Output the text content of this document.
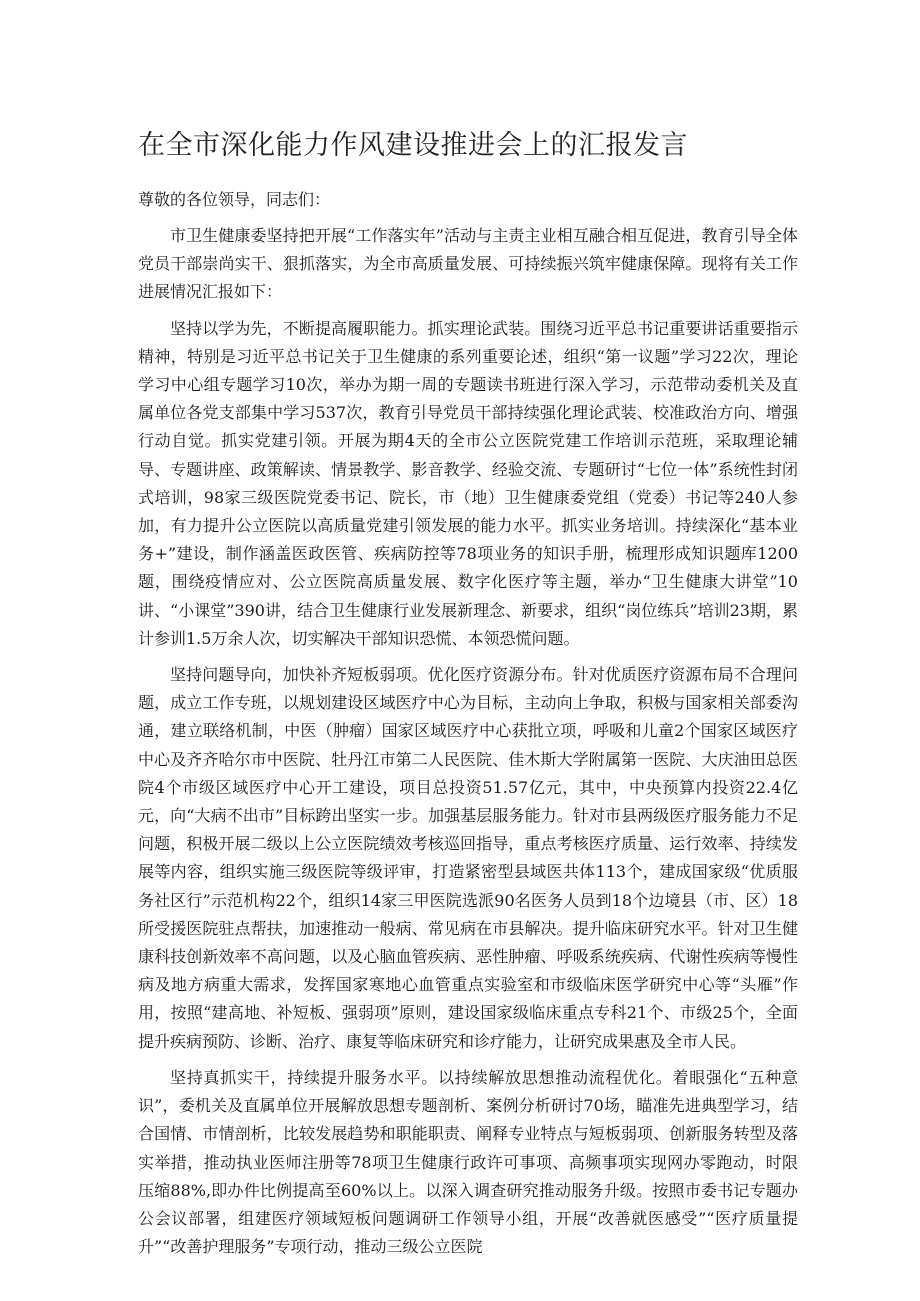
在全市深化能力作风建设推进会上的汇报发言

尊敬的各位领导，同志们：

市卫生健康委坚持把开展“工作落实年”活动与主责主业相互融合相互促进，教育引导全体党员干部崇尚实干、狠抓落实，为全市高质量发展、可持续振兴筑牢健康保障。现将有关工作进展情况汇报如下：

坚持以学为先，不断提高履职能力。抓实理论武装。围绕习近平总书记重要讲话重要指示精神，特别是习近平总书记关于卫生健康的系列重要论述，组织“第一议题”学习22次，理论学习中心组专题学习10次，举办为期一周的专题读书班进行深入学习，示范带动委机关及直属单位各党支部集中学习537次，教育引导党员干部持续强化理论武装、校准政治方向、增强行动自觉。抓实党建引领。开展为期4天的全市公立医院党建工作培训示范班，采取理论辅导、专题讲座、政策解读、情景教学、影音教学、经验交流、专题研讨“七位一体”系统性封闭式培训，98家三级医院党委书记、院长，市（地）卫生健康委党组（党委）书记等240人参加，有力提升公立医院以高质量党建引领发展的能力水平。抓实业务培训。持续深化“基本业务+”建设，制作涵盖医政医管、疾病防控等78项业务的知识手册，梳理形成知识题库1200题，围绕疫情应对、公立医院高质量发展、数字化医疗等主题，举办“卫生健康大讲堂”10讲、“小课堂”390讲，结合卫生健康行业发展新理念、新要求，组织“岗位练兵”培训23期，累计参训1.5万余人次，切实解决干部知识恐慌、本领恐慌问题。

坚持问题导向，加快补齐短板弱项。优化医疗资源分布。针对优质医疗资源布局不合理问题，成立工作专班，以规划建设区域医疗中心为目标，主动向上争取，积极与国家相关部委沟通，建立联络机制，中医（肿瘤）国家区域医疗中心获批立项，呼吸和儿童2个国家区域医疗中心及齐齐哈尔市中医院、牡丹江市第二人民医院、佳木斯大学附属第一医院、大庆油田总医院4个市级区域医疗中心开工建设，项目总投资51.57亿元，其中，中央预算内投资22.4亿元，向“大病不出市”目标跨出坚实一步。加强基层服务能力。针对市县两级医疗服务能力不足问题，积极开展二级以上公立医院绩效考核巡回指导，重点考核医疗质量、运行效率、持续发展等内容，组织实施三级医院等级评审，打造紧密型县域医共体113个，建成国家级“优质服务社区行”示范机构22个，组织14家三甲医院选派90名医务人员到18个边境县（市、区）18所受援医院驻点帮扶，加速推动一般病、常见病在市县解决。提升临床研究水平。针对卫生健康科技创新效率不高问题，以及心脑血管疾病、恶性肿瘤、呼吸系统疾病、代谢性疾病等慢性病及地方病重大需求，发挥国家寒地心血管重点实验室和市级临床医学研究中心等“头雁”作用，按照“建高地、补短板、强弱项”原则，建设国家级临床重点专科21个、市级25个，全面提升疾病预防、诊断、治疗、康复等临床研究和诊疗能力，让研究成果惠及全市人民。

坚持真抓实干，持续提升服务水平。以持续解放思想推动流程优化。着眼强化“五种意识”，委机关及直属单位开展解放思想专题剖析、案例分析研讨70场，瞄准先进典型学习，结合国情、市情剖析，比较发展趋势和职能职责、阐释专业特点与短板弱项、创新服务转型及落实举措，推动执业医师注册等78项卫生健康行政许可事项、高频事项实现网办零跑动，时限压缩88%,即办件比例提高至60%以上。以深入调查研究推动服务升级。按照市委书记专题办公会议部署，组建医疗领域短板问题调研工作领导小组，开展“改善就医感受”“医疗质量提升”“改善护理服务”专项行动，推动三级公立医院
